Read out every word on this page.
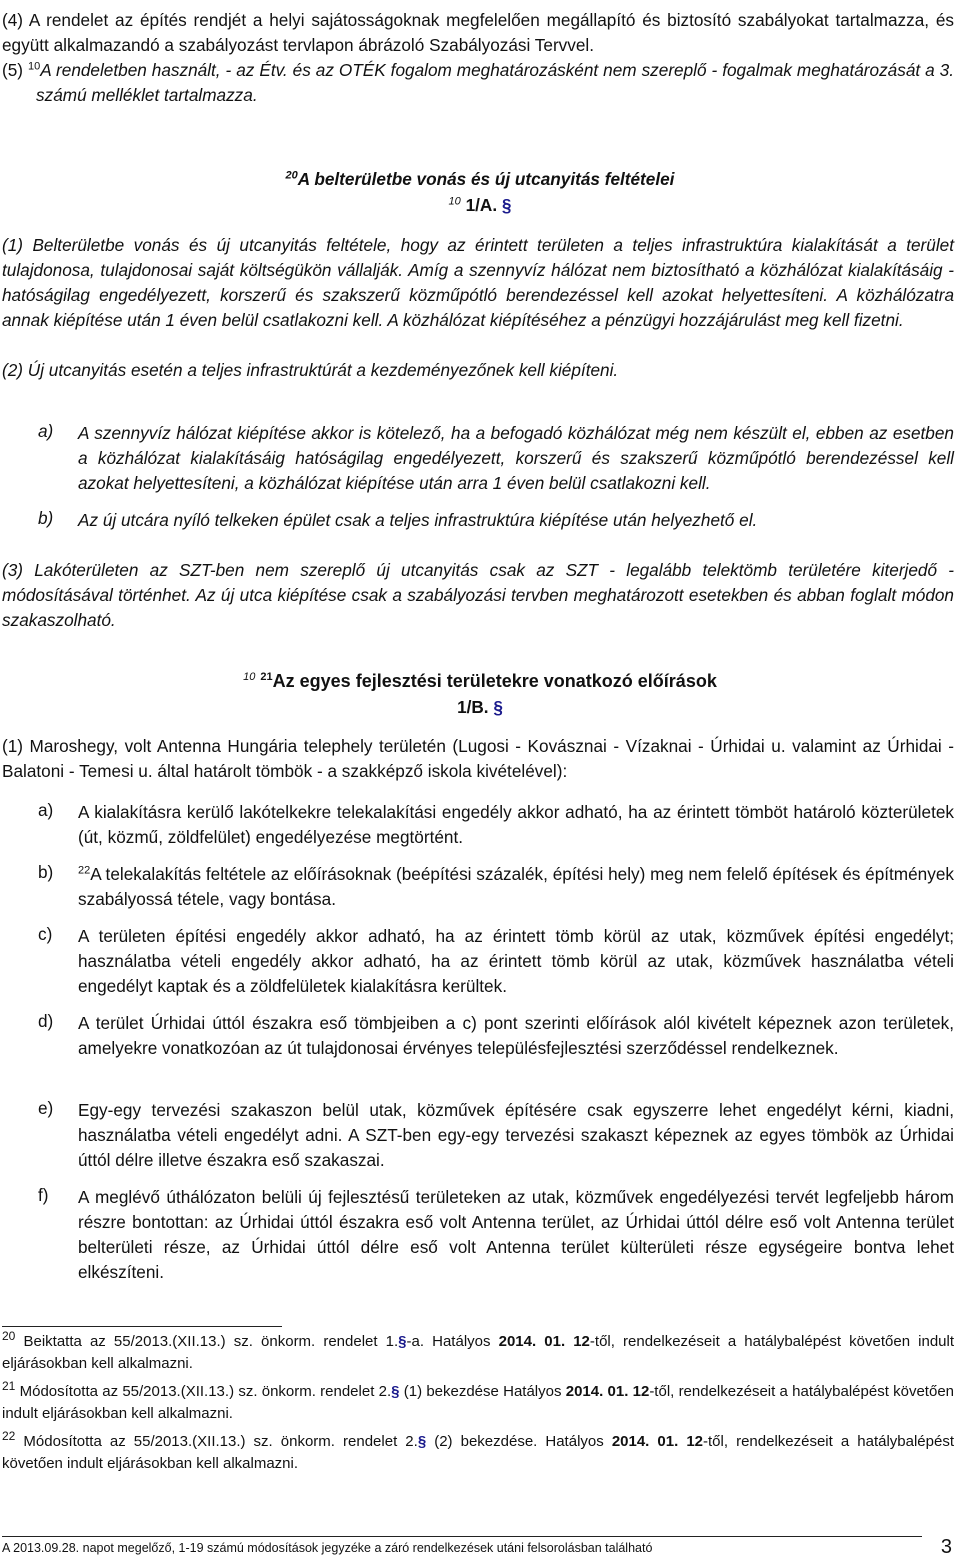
(4) A rendelet az építés rendjét a helyi sajátosságoknak megfelelően megállapító és biztosító szabályokat tartalmazza, és együtt alkalmazandó a szabályozást tervlapon ábrázoló Szabályozási Tervvel.

(5) $^{10}$A rendeletben használt, - az Étv. és az OTÉK fogalom meghatározásként nem szereplő - fogalmak meghatározását a 3. számú melléklet tartalmazza.

$^{20}$A belterületbe vonás és új utcanyitás feltételei
$^{10}$ 1/A. §

(1) Belterületbe vonás és új utcanyitás feltétele, hogy az érintett területen a teljes infrastruktúra kialakítását a terület tulajdonosa, tulajdonosai saját költségükön vállalják. Amíg a szennyvíz hálózat nem biztosítható a közhálózat kialakításáig - hatóságilag engedélyezett, korszerű és szakszerű közműpótló berendezéssel kell azokat helyettesíteni. A közhálózatra annak kiépítése után 1 éven belül csatlakozni kell. A közhálózat kiépítéséhez a pénzügyi hozzájárulást meg kell fizetni.

(2) Új utcanyitás esetén a teljes infrastruktúrát a kezdeményezőnek kell kiépíteni.

a)	A szennyvíz hálózat kiépítése akkor is kötelező, ha a befogadó közhálózat még nem készült el, ebben az esetben a közhálózat kialakításáig hatóságilag engedélyezett, korszerű és szakszerű közműpótló berendezéssel kell azokat helyettesíteni, a közhálózat kiépítése után arra 1 éven belül csatlakozni kell.

b)	Az új utcára nyíló telkeken épület csak a teljes infrastruktúra kiépítése után helyezhető el.

(3) Lakóterületen az SZT-ben nem szereplő új utcanyitás csak az SZT - legalább telektömb területére kiterjedő - módosításával történhet. Az új utca kiépítése csak a szabályozási tervben meghatározott esetekben és abban foglalt módon szakaszolható.

$^{10}$ $^{21}$Az egyes fejlesztési területekre vonatkozó előírások
1/B. §

(1) Maroshegy, volt Antenna Hungária telephely területén (Lugosi - Kovásznai - Vízaknai - Úrhidai u. valamint az Úrhidai - Balatoni - Temesi u. által határolt tömbök - a szakképző iskola kivételével):

a)	A kialakításra kerülő lakótelkekre telekalakítási engedély akkor adható, ha az érintett tömböt határoló közterületek (út, közmű, zöldfelület) engedélyezése megtörtént.

b)	$^{22}$A telekalakítás feltétele az előírásoknak (beépítési százalék, építési hely) meg nem felelő építések és építmények szabályossá tétele, vagy bontása.

c)	A területen építési engedély akkor adható, ha az érintett tömb körül az utak, közművek építési engedélyt; használatba vételi engedély akkor adható, ha az érintett tömb körül az utak, közművek használatba vételi engedélyt kaptak és a zöldfelületek kialakításra kerültek.

d)	A terület Úrhidai úttól északra eső tömbjeiben a c) pont szerinti előírások alól kivételt képeznek azon területek, amelyekre vonatkozóan az út tulajdonosai érvényes településfejlesztési szerződéssel rendelkeznek.

e)	Egy-egy tervezési szakaszon belül utak, közművek építésére csak egyszerre lehet engedélyt kérni, kiadni, használatba vételi engedélyt adni. A SZT-ben egy-egy tervezési szakaszt képeznek az egyes tömbök az Úrhidai úttól délre illetve északra eső szakaszai.

f)	A meglévő úthálózaton belüli új fejlesztésű területeken az utak, közművek engedélyezési tervét legfeljebb három részre bontottan: az Úrhidai úttól északra eső volt Antenna terület, az Úrhidai úttól délre eső volt Antenna terület belterületi része, az Úrhidai úttól délre eső volt Antenna terület külterületi része egységeire bontva lehet elkészíteni.

$^{20}$ Beiktatta az 55/2013.(XII.13.) sz. önkorm. rendelet 1.§-a. Hatályos 2014. 01. 12-től, rendelkezéseit a hatálybalépést követően indult eljárásokban kell alkalmazni.
$^{21}$ Módosította az 55/2013.(XII.13.) sz. önkorm. rendelet 2.§ (1) bekezdése Hatályos 2014. 01. 12-től, rendelkezéseit a hatálybalépést követően indult eljárásokban kell alkalmazni.
$^{22}$ Módosította az 55/2013.(XII.13.) sz. önkorm. rendelet 2.§ (2) bekezdése. Hatályos 2014. 01. 12-től, rendelkezéseit a hatálybalépést követően indult eljárásokban kell alkalmazni.
A 2013.09.28. napot megelőző, 1-19 számú módosítások jegyzéke a záró rendelkezések utáni felsorolásban található	3
